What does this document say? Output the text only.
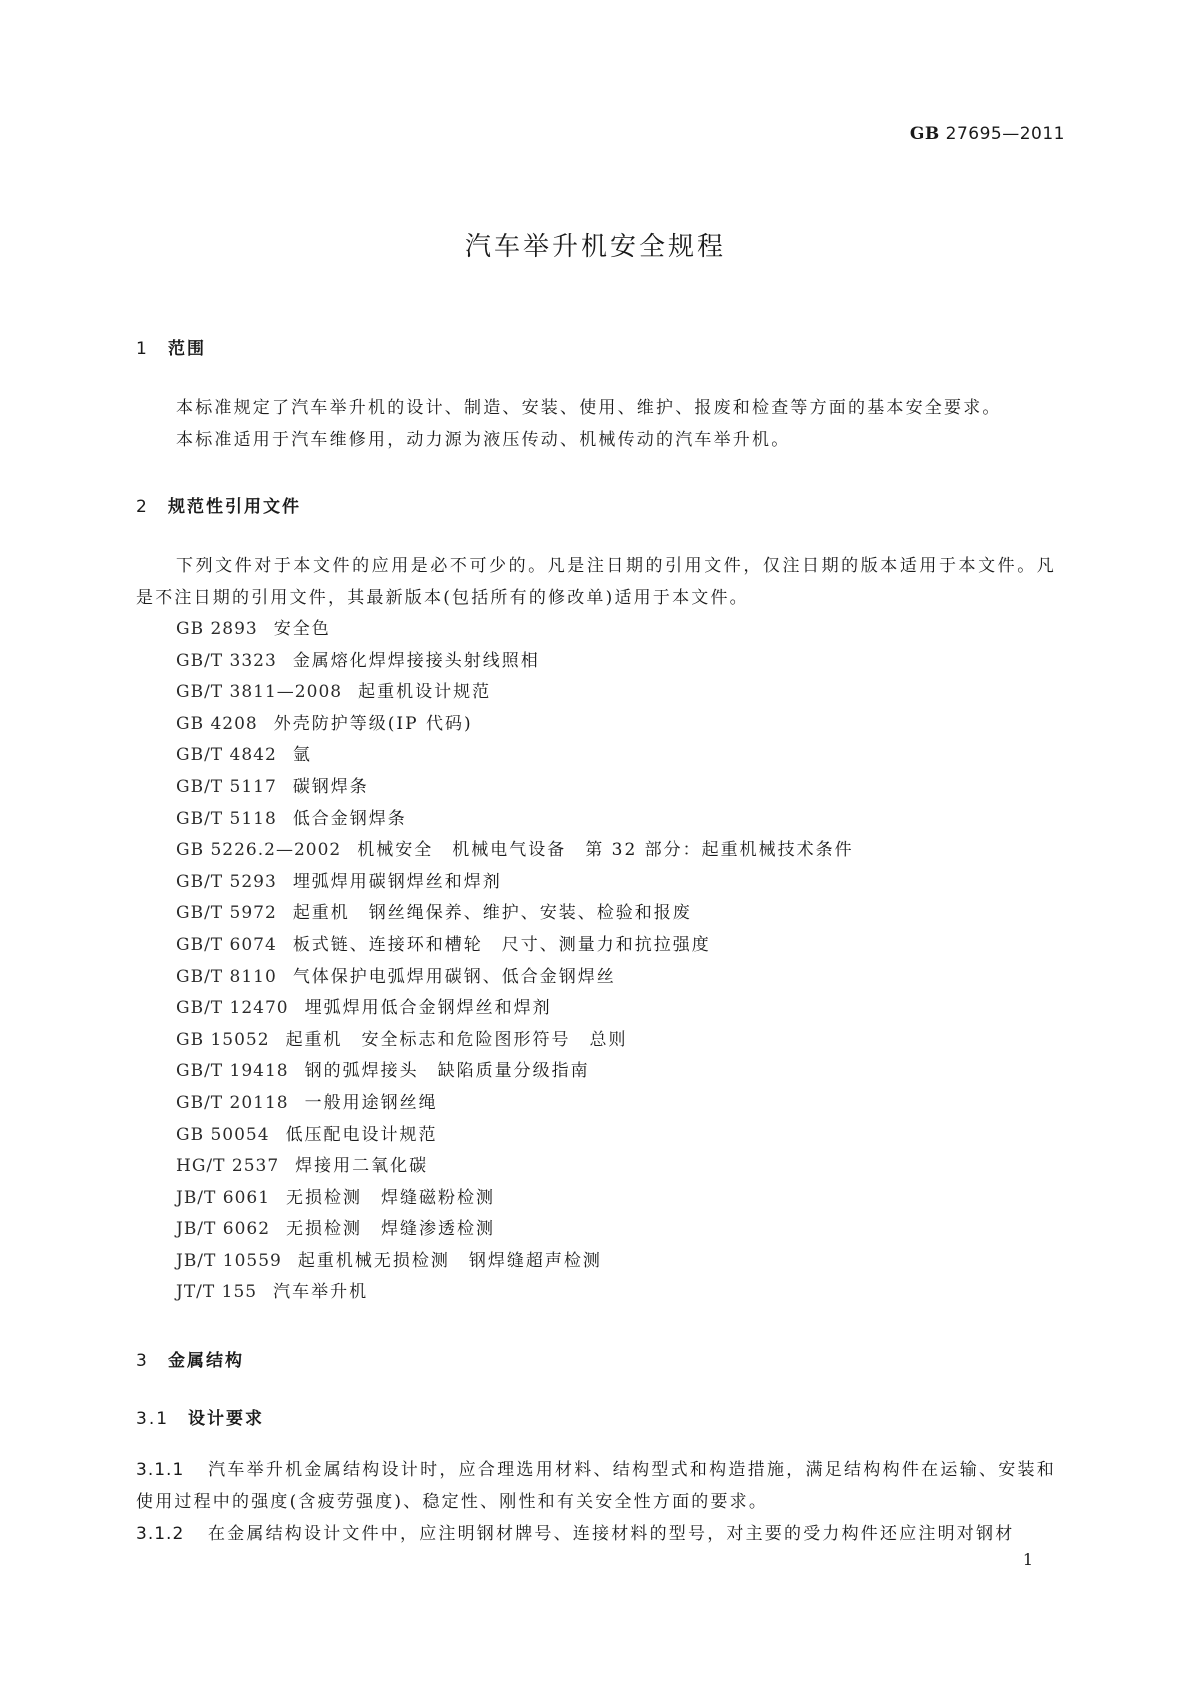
GB 27695—2011
汽车举升机安全规程
1 范围
本标准规定了汽车举升机的设计、制造、安装、使用、维护、报废和检查等方面的基本安全要求。
本标准适用于汽车维修用，动力源为液压传动、机械传动的汽车举升机。
2 规范性引用文件
下列文件对于本文件的应用是必不可少的。凡是注日期的引用文件，仅注日期的版本适用于本文件。凡是不注日期的引用文件，其最新版本(包括所有的修改单)适用于本文件。
GB 2893 安全色
GB/T 3323 金属熔化焊焊接接头射线照相
GB/T 3811—2008 起重机设计规范
GB 4208 外壳防护等级(IP 代码)
GB/T 4842 氩
GB/T 5117 碳钢焊条
GB/T 5118 低合金钢焊条
GB 5226.2—2002 机械安全　机械电气设备　第 32 部分：起重机械技术条件
GB/T 5293 埋弧焊用碳钢焊丝和焊剂
GB/T 5972 起重机　钢丝绳保养、维护、安装、检验和报废
GB/T 6074 板式链、连接环和槽轮　尺寸、测量力和抗拉强度
GB/T 8110 气体保护电弧焊用碳钢、低合金钢焊丝
GB/T 12470 埋弧焊用低合金钢焊丝和焊剂
GB 15052 起重机　安全标志和危险图形符号　总则
GB/T 19418 钢的弧焊接头　缺陷质量分级指南
GB/T 20118 一般用途钢丝绳
GB 50054 低压配电设计规范
HG/T 2537 焊接用二氧化碳
JB/T 6061 无损检测　焊缝磁粉检测
JB/T 6062 无损检测　焊缝渗透检测
JB/T 10559 起重机械无损检测　钢焊缝超声检测
JT/T 155 汽车举升机
3 金属结构
3.1 设计要求
3.1.1 汽车举升机金属结构设计时，应合理选用材料、结构型式和构造措施，满足结构构件在运输、安装和使用过程中的强度(含疲劳强度)、稳定性、刚性和有关安全性方面的要求。
3.1.2 在金属结构设计文件中，应注明钢材牌号、连接材料的型号，对主要的受力构件还应注明对钢材
1
